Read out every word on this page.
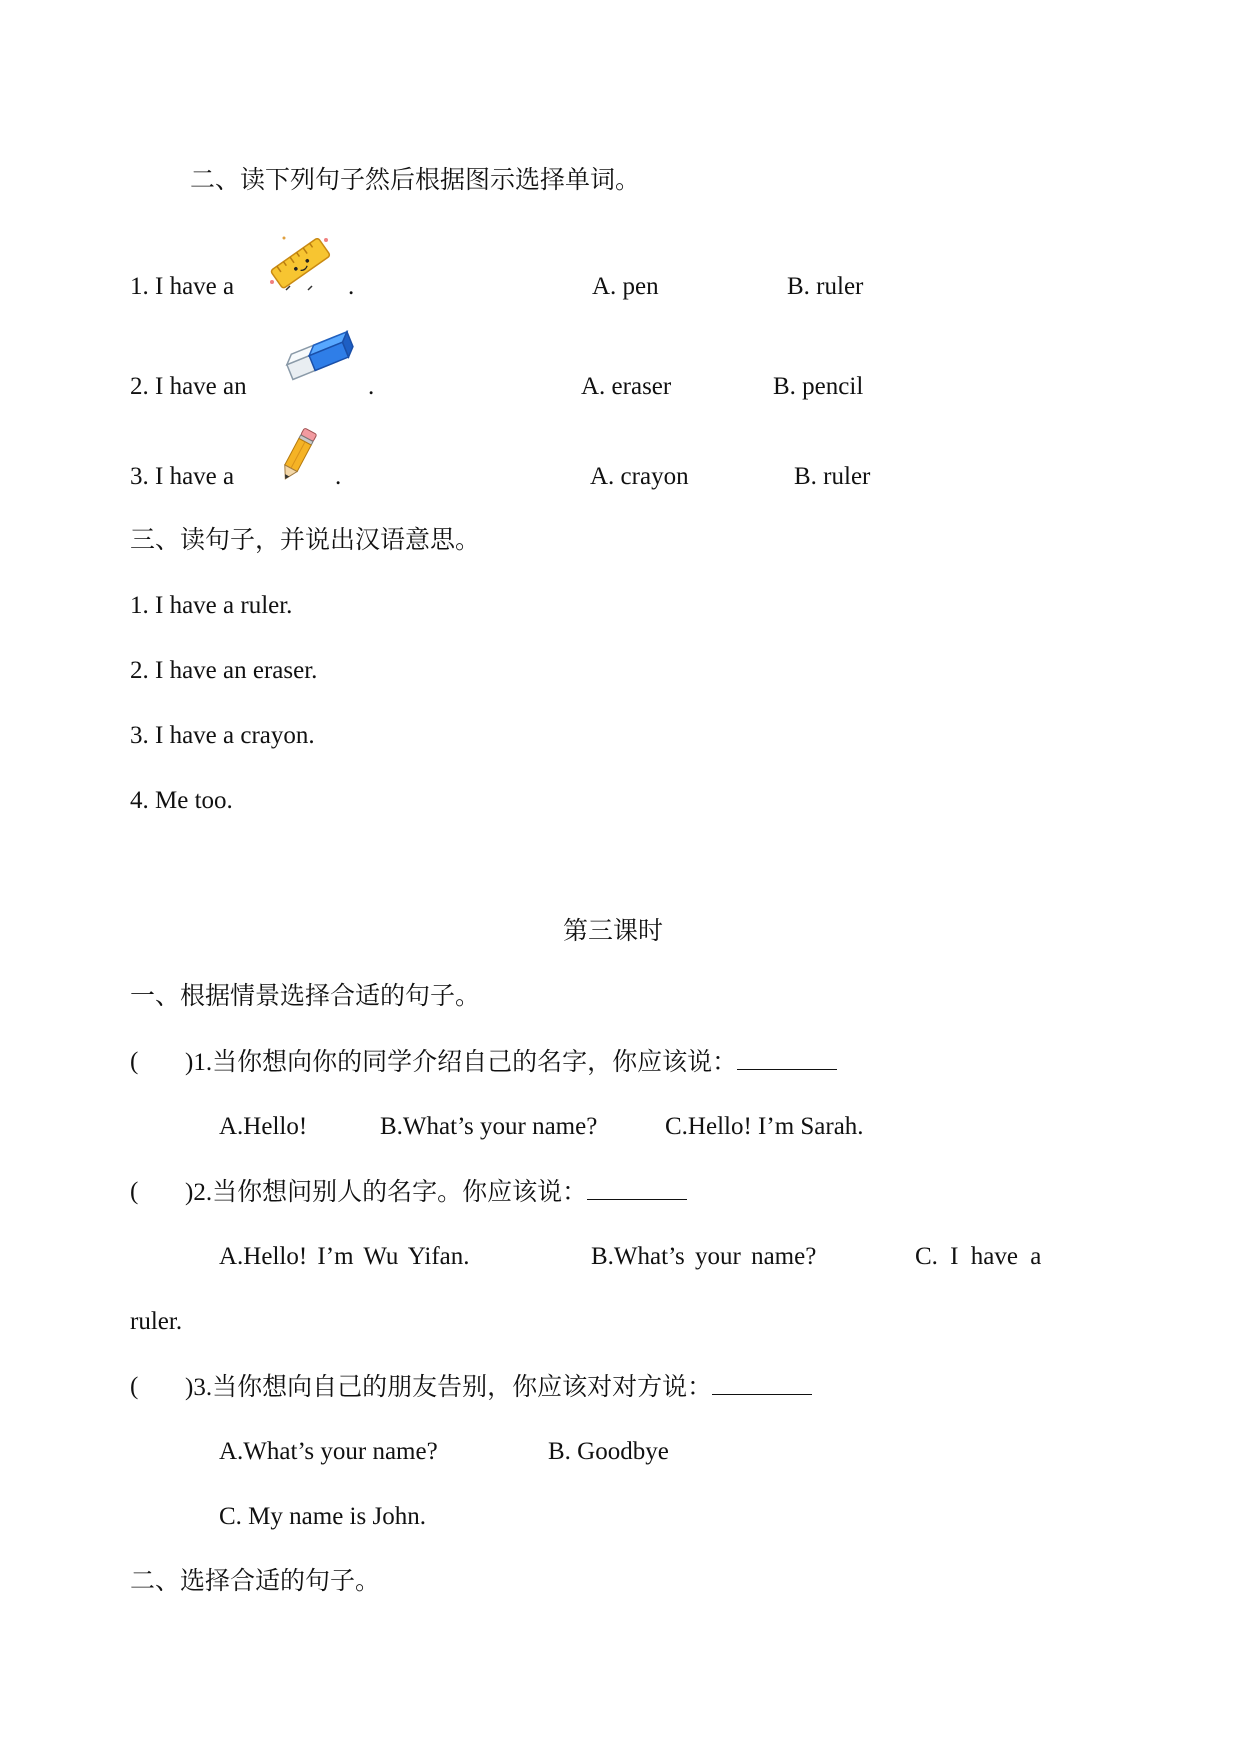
二、读下列句子然后根据图示选择单词。
1. I have a	.	A. pen	B. ruler
2. I have an	.	A. eraser	B. pencil
3. I have a	.	A. crayon	B. ruler
三、读句子，并说出汉语意思。
1. I have a ruler.
2. I have an eraser.
3. I have a crayon.
4. Me too.
第三课时
一、根据情景选择合适的句子。
( )1.当你想向你的同学介绍自己的名字，你应该说：
A.Hello!	B.What’s your name?	C.Hello! I’m Sarah.
( )2.当你想问别人的名字。你应该说：
A.Hello! I’m Wu Yifan.	B.What’s your name?	C. I have a
ruler.
( )3.当你想向自己的朋友告别，你应该对对方说：
A.What’s your name?	B. Goodbye
C. My name is John.
二、选择合适的句子。
